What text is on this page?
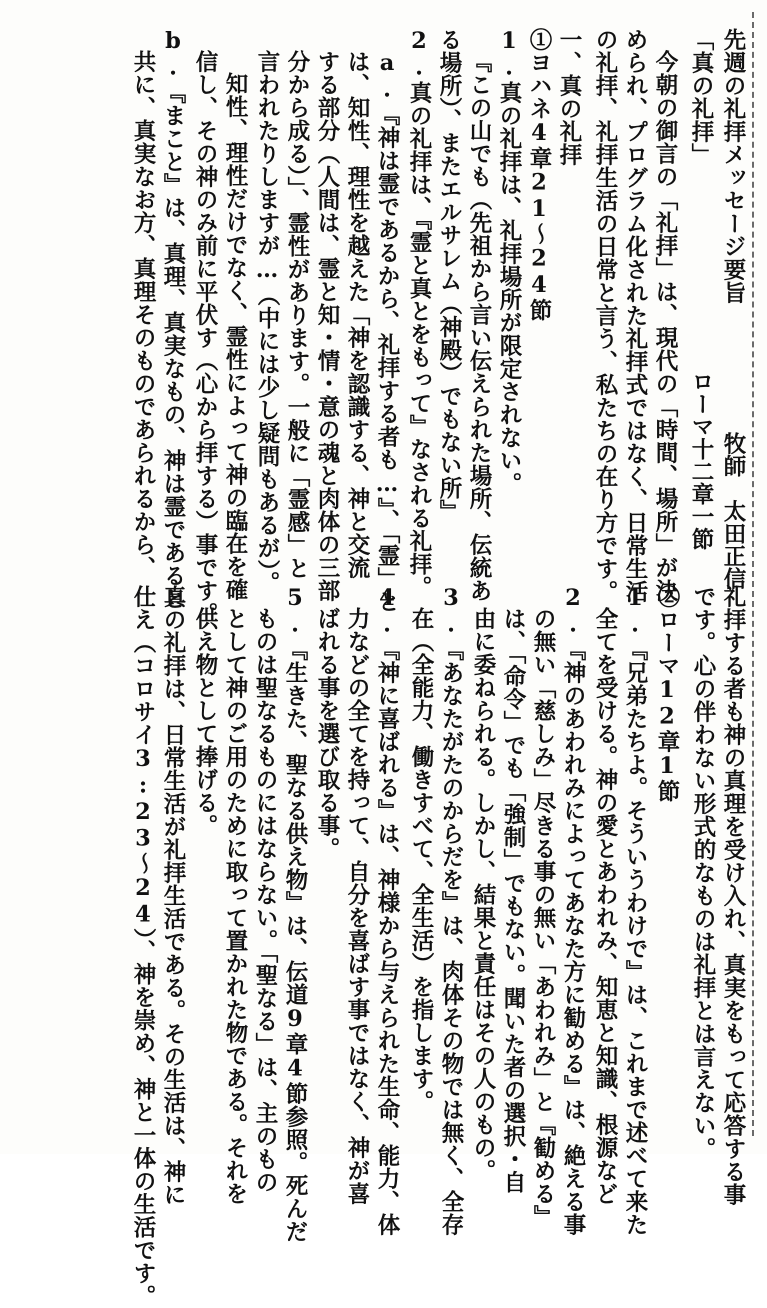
先週の礼拝メッセージ要旨
牧師　太田正信
「真の礼拝」
ローマ十二章一節
今朝の御言の「礼拝」は、現代の「時間、場所」が決
められ、プログラム化された礼拝式ではなく、日常生活
の礼拝、礼拝生活の日常と言う、私たちの在り方です。
一、真の礼拝
①ヨハネ4章21～24節
1.真の礼拝は、礼拝場所が限定されない。
『この山でも（先祖から言い伝えられた場所、伝統あ
る場所）、またエルサレム（神殿）でもない所』
2.真の礼拝は、『霊と真とをもって』なされる礼拝。
a.『神は霊であるから、礼拝する者も…』、「霊」と
は、知性、理性を越えた「神を認識する、神と交流
する部分（人間は、霊と知・情・意の魂と肉体の三部
分から成る）」、霊性があります。一般に「霊感」と
言われたりしますが…（中には少し疑問もあるが）。
知性、理性だけでなく、霊性によって神の臨在を確
信し、その神のみ前に平伏す（心から拝する）事です。
b.『まこと』は、真理、真実なもの、神は霊であると
共に、真実なお方、真理そのものであられるから、
礼拝する者も神の真理を受け入れ、真実をもって応答する事
です。心の伴わない形式的なものは礼拝とは言えない。
②ローマ12章1節
1.『兄弟たちよ。そういうわけで』は、これまで述べて来た
全てを受ける。神の愛とあわれみ、知恵と知識、根源など
2.『神のあわれみによってあなた方に勧める』は、絶える事
の無い「慈しみ」尽きる事の無い「あわれみ」と『勧める』
は、「命令」でも「強制」でもない。聞いた者の選択・自
由に委ねられる。しかし、結果と責任はその人のもの。
3.『あなたがたのからだを』は、肉体その物では無く、全存
在（全能力、働きすべて、全生活）を指します。
4.『神に喜ばれる』は、神様から与えられた生命、能力、体
力などの全てを持って、自分を喜ばす事ではなく、神が喜
ばれる事を選び取る事。
5.『生きた、聖なる供え物』は、伝道9章4節参照。死んだ
ものは聖なるものにはならない。「聖なる」は、主のもの
として神のご用のために取って置かれた物である。それを
供え物として捧げる。
真の礼拝は、日常生活が礼拝生活である。その生活は、神に
仕え（コロサイ3:23～24）、神を崇め、神と一体の生活です。
